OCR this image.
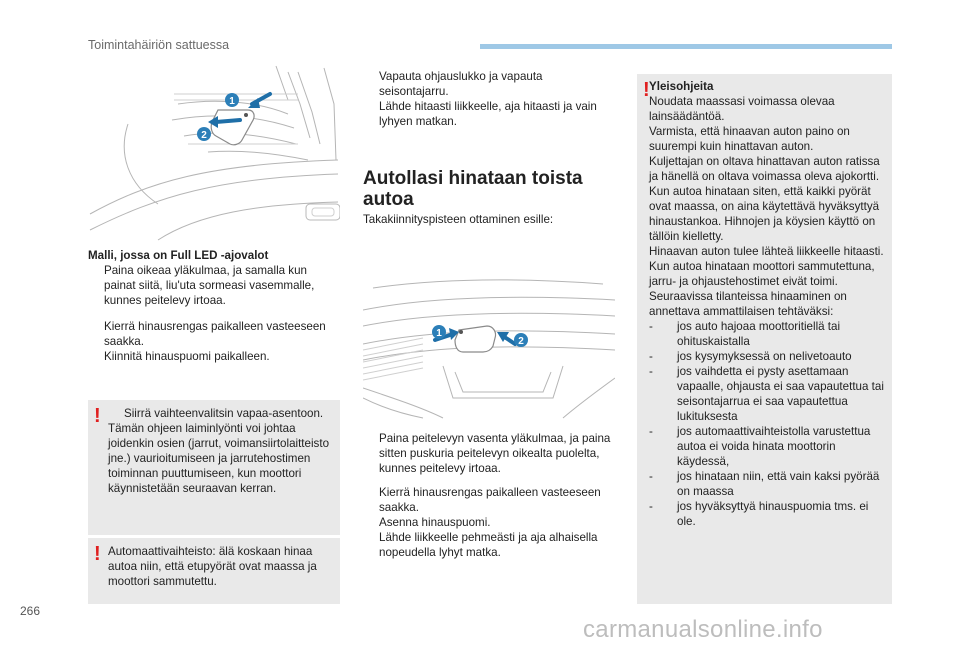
Toimintahäiriön sattuessa
1
2
Malli, jossa on Full LED -ajovalot
Paina oikeaa yläkulmaa, ja samalla kun painat siitä, liu'uta sormeasi vasemmalle, kunnes peitelevy irtoaa.
Kierrä hinausrengas paikalleen vasteeseen saakka.
Kiinnitä hinauspuomi paikalleen.
!	Siirrä vaihteenvalitsin vapaa-asentoon.
Tämän ohjeen laiminlyönti voi johtaa joidenkin osien (jarrut, voimansiirtolaitteisto jne.) vaurioitumiseen ja jarrutehostimen toiminnan puuttumiseen, kun moottori käynnistetään seuraavan kerran.
! Automaattivaihteisto: älä koskaan hinaa autoa niin, että etupyörät ovat maassa ja moottori sammutettu.
Vapauta ohjauslukko ja vapauta seisontajarru.
Lähde hitaasti liikkeelle, aja hitaasti ja vain lyhyen matkan.
Autollasi hinataan toista autoa
Takakiinnityspisteen ottaminen esille:
1
2
Paina peitelevyn vasenta yläkulmaa, ja paina sitten puskuria peitelevyn oikealta puolelta, kunnes peitelevy irtoaa.
Kierrä hinausrengas paikalleen vasteeseen saakka.
Asenna hinauspuomi.
Lähde liikkeelle pehmeästi ja aja alhaisella nopeudella lyhyt matka.
! Yleisohjeita
Noudata maassasi voimassa olevaa lainsäädäntöä.
Varmista, että hinaavan auton paino on suurempi kuin hinattavan auton.
Kuljettajan on oltava hinattavan auton ratissa ja hänellä on oltava voimassa oleva ajokortti.
Kun autoa hinataan siten, että kaikki pyörät ovat maassa, on aina käytettävä hyväksyttyä hinaustankoa. Hihnojen ja köysien käyttö on tällöin kielletty.
Hinaavan auton tulee lähteä liikkeelle hitaasti.
Kun autoa hinataan moottori sammutettuna, jarru- ja ohjaustehostimet eivät toimi.
Seuraavissa tilanteissa hinaaminen on annettava ammattilaisen tehtäväksi:
- jos auto hajoaa moottoritiellä tai ohituskaistalla
- jos kysymyksessä on nelivetoauto
- jos vaihdetta ei pysty asettamaan vapaalle, ohjausta ei saa vapautettua tai seisontajarrua ei saa vapautettua lukituksesta
- jos automaattivaihteistolla varustettua autoa ei voida hinata moottorin käydessä,
- jos hinataan niin, että vain kaksi pyörää on maassa
- jos hyväksyttyä hinauspuomia tms. ei ole.
266
carmanualsonline.info
